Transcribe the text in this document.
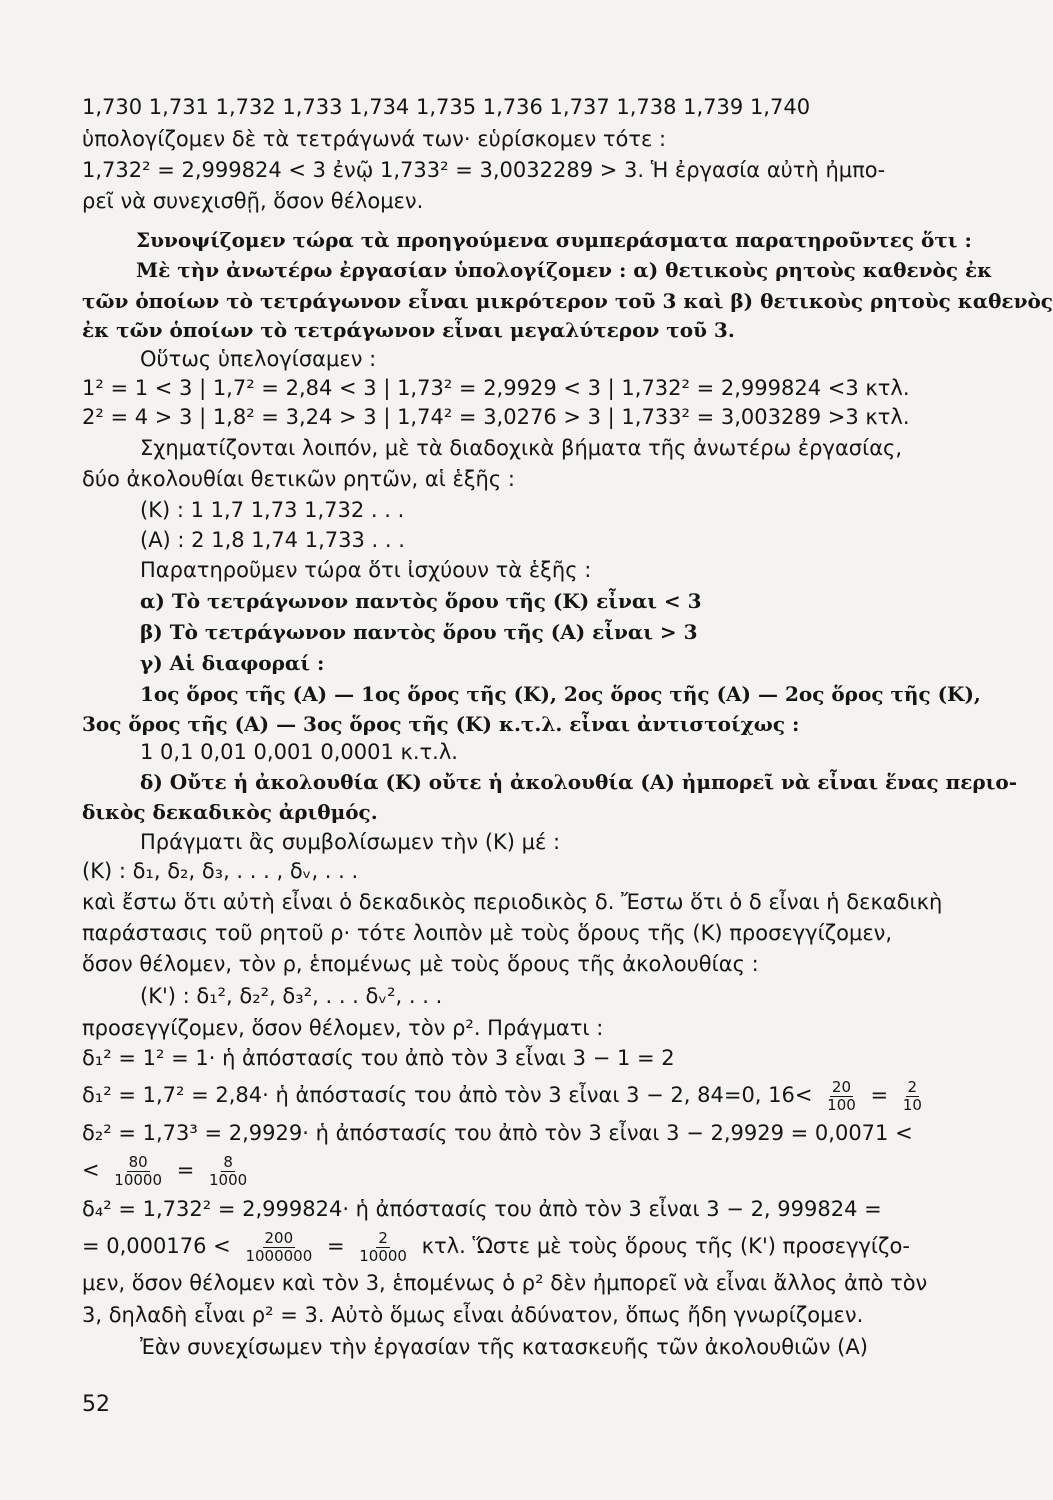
1,730 1,731 1,732 1,733 1,734 1,735 1,736 1,737 1,738 1,739 1,740
ὑπολογίζομεν δὲ τὰ τετράγωνά των· εὑρίσκομεν τότε :
1,732² = 2,999824 < 3 ἐνῷ 1,733² = 3,0032289 > 3. Ἡ ἐργασία αὐτὴ ἠμπο-
ρεῖ νὰ συνεχισθῇ, ὅσον θέλομεν.
Συνοψίζομεν τώρα τὰ προηγούμενα συμπεράσματα παρατηροῦντες ὅτι :
Μὲ τὴν ἀνωτέρω ἐργασίαν ὑπολογίζομεν : α) θετικοὺς ρητοὺς καθενὸς ἐκ
τῶν ὁποίων τὸ τετράγωνον εἶναι μικρότερον τοῦ 3 καὶ β) θετικοὺς ρητοὺς καθενὸς
ἐκ τῶν ὁποίων τὸ τετράγωνον εἶναι μεγαλύτερον τοῦ 3.
Οὕτως ὑπελογίσαμεν :
1² = 1 < 3 | 1,7² = 2,84 < 3 | 1,73² = 2,9929 < 3 | 1,732² = 2,999824 <3 κτλ.
2² = 4 > 3 | 1,8² = 3,24 > 3 | 1,74² = 3,0276 > 3 | 1,733² = 3,003289 >3 κτλ.
Σχηματίζονται λοιπόν, μὲ τὰ διαδοχικὰ βήματα τῆς ἀνωτέρω ἐργασίας,
δύο ἀκολουθίαι θετικῶν ρητῶν, αἱ ἑξῆς :
(Κ) : 1 1,7 1,73 1,732 . . .
(Α) : 2 1,8 1,74 1,733 . . .
Παρατηροῦμεν τώρα ὅτι ἰσχύουν τὰ ἑξῆς :
α) Τὸ τετράγωνον παντὸς ὅρου τῆς (Κ) εἶναι < 3
β) Τὸ τετράγωνον παντὸς ὅρου τῆς (Α) εἶναι > 3
γ) Αἱ διαφοραί :
1ος ὅρος τῆς (Α) — 1ος ὅρος τῆς (Κ), 2ος ὅρος τῆς (Α) — 2ος ὅρος τῆς (Κ),
3ος ὅρος τῆς (Α) — 3ος ὅρος τῆς (Κ) κ.τ.λ. εἶναι ἀντιστοίχως :
1 0,1 0,01 0,001 0,0001 κ.τ.λ.
δ) Οὔτε ἡ ἀκολουθία (Κ) οὔτε ἡ ἀκολουθία (Α) ἠμπορεῖ νὰ εἶναι ἕνας περιο-
δικὸς δεκαδικὸς ἀριθμός.
Πράγματι ἂς συμβολίσωμεν τὴν (Κ) μέ :
(Κ) : δ₁, δ₂, δ₃, . . . , δᵥ, . . .
καὶ ἔστω ὅτι αὐτὴ εἶναι ὁ δεκαδικὸς περιοδικὸς δ. Ἔστω ὅτι ὁ δ εἶναι ἡ δεκαδικὴ
παράστασις τοῦ ρητοῦ ρ· τότε λοιπὸν μὲ τοὺς ὅρους τῆς (Κ) προσεγγίζομεν,
ὅσον θέλομεν, τὸν ρ, ἑπομένως μὲ τοὺς ὅρους τῆς ἀκολουθίας :
(Κ') : δ₁², δ₂², δ₃², . . . δᵥ², . . .
προσεγγίζομεν, ὅσον θέλομεν, τὸν ρ². Πράγματι :
δ₁² = 1² = 1· ἡ ἀπόστασίς του ἀπὸ τὸν 3 εἶναι 3 − 1 = 2
δ₁² = 1,7² = 2,84· ἡ ἀπόστασίς του ἀπὸ τὸν 3 εἶναι 3 − 2, 84=0, $16< \frac{20}{100} = \frac{2}{10}$
δ₂² = 1,73³ = 2,9929· ἡ ἀπόστασίς του ἀπὸ τὸν 3 εἶναι 3 − 2,9929 = 0,0071 <
< $\frac{80}{10000} = \frac{8}{1000}$
δ₄² = 1,732² = 2,999824· ἡ ἀπόστασίς του ἀπὸ τὸν 3 εἶναι 3 − 2, 999824 =
= $0,000176 < \frac{200}{1000000} = \frac{2}{10000} \kappa\tau\lambda$. Ὥστε μὲ τοὺς ὅρους τῆς (Κ') προσεγγίζο-
μεν, ὅσον θέλομεν καὶ τὸν 3, ἑπομένως ὁ ρ² δὲν ἠμπορεῖ νὰ εἶναι ἄλλος ἀπὸ τὸν
3, δηλαδὴ εἶναι ρ² = 3. Αὐτὸ ὅμως εἶναι ἀδύνατον, ὅπως ἤδη γνωρίζομεν.
Ἐὰν συνεχίσωμεν τὴν ἐργασίαν τῆς κατασκευῆς τῶν ἀκολουθιῶν (Α)
52
